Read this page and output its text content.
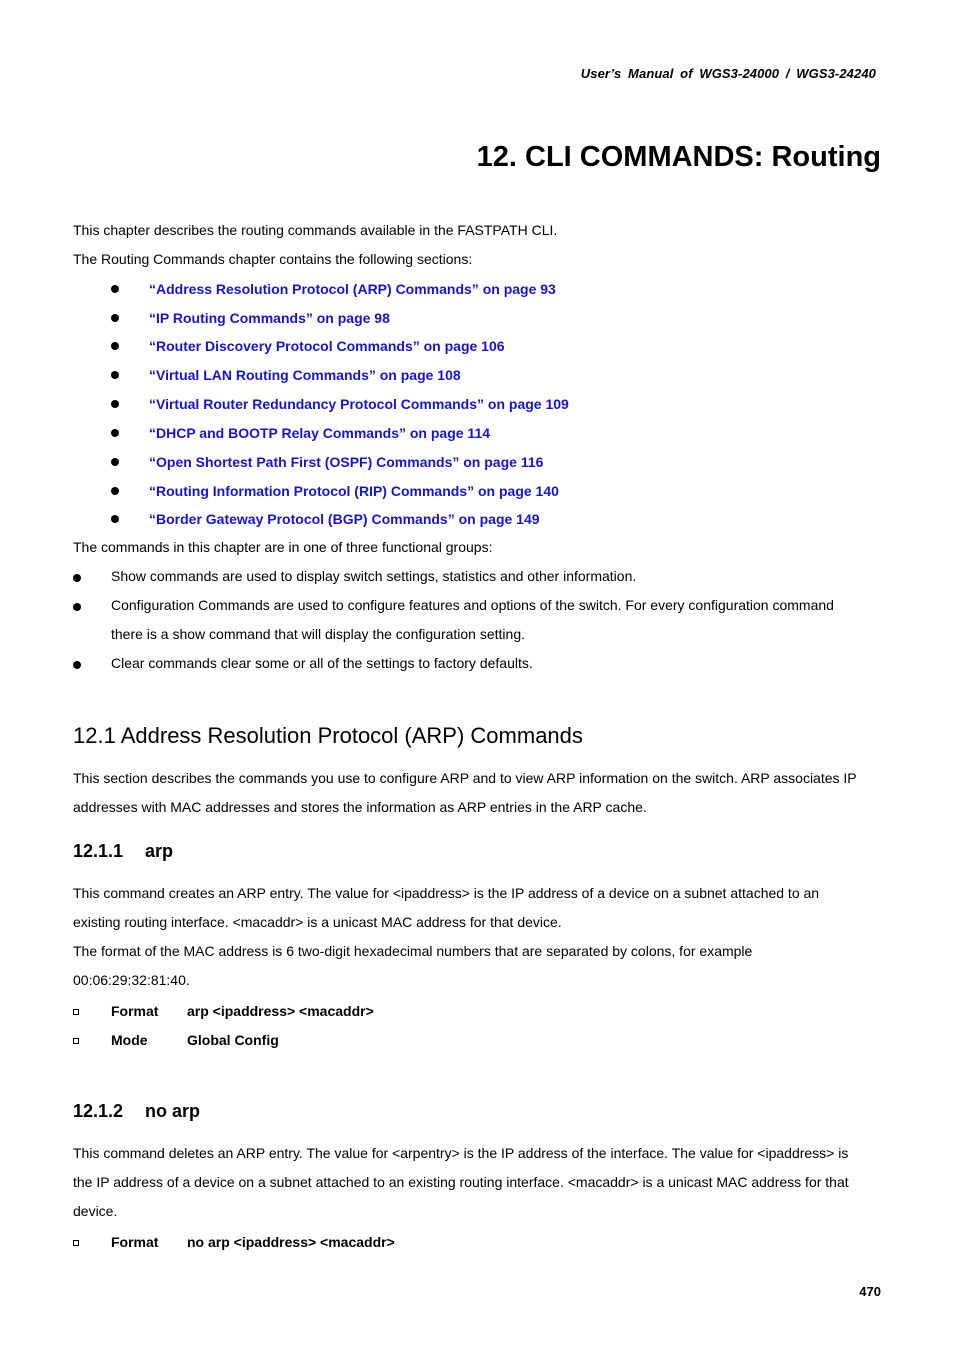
User’s Manual of WGS3-24000 / WGS3-24240
12. CLI COMMANDS: Routing
This chapter describes the routing commands available in the FASTPATH CLI.
The Routing Commands chapter contains the following sections:
“Address Resolution Protocol (ARP) Commands” on page 93
“IP Routing Commands” on page 98
“Router Discovery Protocol Commands” on page 106
“Virtual LAN Routing Commands” on page 108
“Virtual Router Redundancy Protocol Commands” on page 109
“DHCP and BOOTP Relay Commands” on page 114
“Open Shortest Path First (OSPF) Commands” on page 116
“Routing Information Protocol (RIP) Commands” on page 140
“Border Gateway Protocol (BGP) Commands” on page 149
The commands in this chapter are in one of three functional groups:
Show commands are used to display switch settings, statistics and other information.
Configuration Commands are used to configure features and options of the switch. For every configuration command
there is a show command that will display the configuration setting.
Clear commands clear some or all of the settings to factory defaults.
12.1 Address Resolution Protocol (ARP) Commands
This section describes the commands you use to configure ARP and to view ARP information on the switch. ARP associates IP
addresses with MAC addresses and stores the information as ARP entries in the ARP cache.
12.1.1 arp
This command creates an ARP entry. The value for <ipaddress> is the IP address of a device on a subnet attached to an
existing routing interface. <macaddr> is a unicast MAC address for that device.
The format of the MAC address is 6 two-digit hexadecimal numbers that are separated by colons, for example
00:06:29:32:81:40.
Format arp <ipaddress> <macaddr>
Mode	Global Config
12.1.2 no arp
This command deletes an ARP entry. The value for <arpentry> is the IP address of the interface. The value for <ipaddress> is
the IP address of a device on a subnet attached to an existing routing interface. <macaddr> is a unicast MAC address for that
device.
Format no arp <ipaddress> <macaddr>
470
